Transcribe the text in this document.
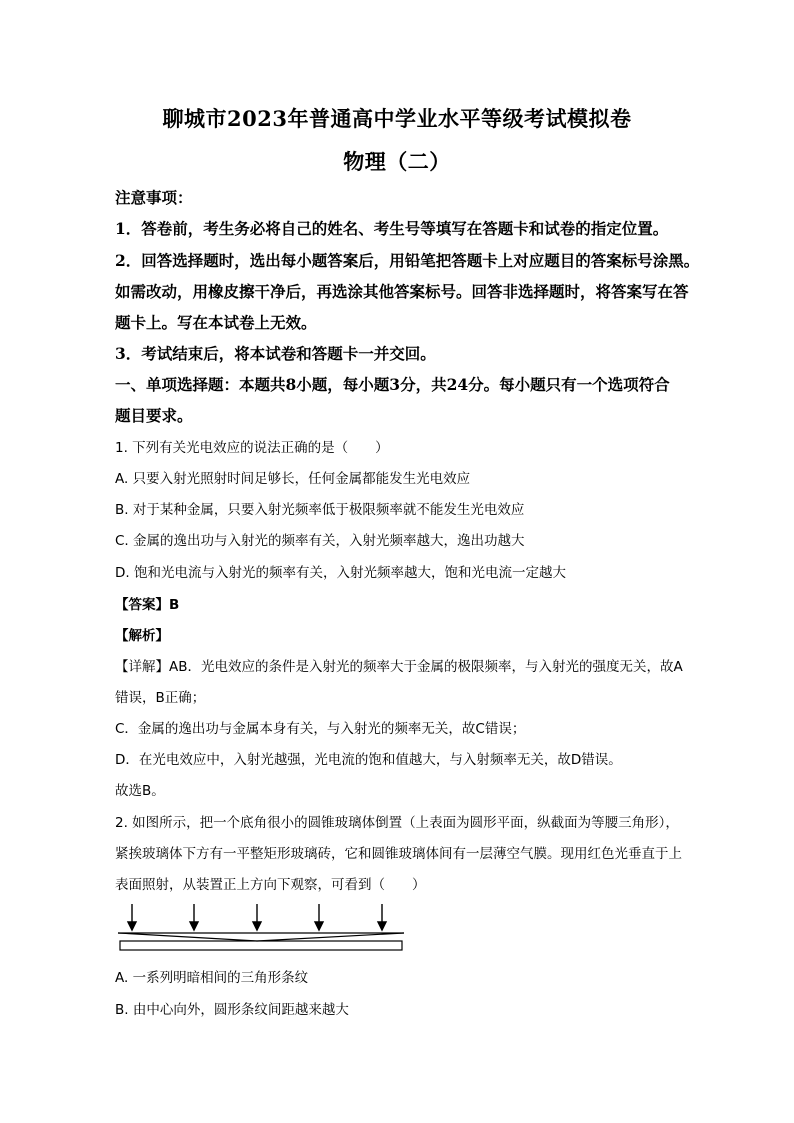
聊城市2023年普通高中学业水平等级考试模拟卷
物理（二）
注意事项：
1．答卷前，考生务必将自己的姓名、考生号等填写在答题卡和试卷的指定位置。
2．回答选择题时，选出每小题答案后，用铅笔把答题卡上对应题目的答案标号涂黑。
如需改动，用橡皮擦干净后，再选涂其他答案标号。回答非选择题时，将答案写在答
题卡上。写在本试卷上无效。
3．考试结束后，将本试卷和答题卡一并交回。
一、单项选择题：本题共8小题，每小题3分，共24分。每小题只有一个选项符合
题目要求。
1. 下列有关光电效应的说法正确的是（　　）
A. 只要入射光照射时间足够长，任何金属都能发生光电效应
B. 对于某种金属，只要入射光频率低于极限频率就不能发生光电效应
C. 金属的逸出功与入射光的频率有关，入射光频率越大，逸出功越大
D. 饱和光电流与入射光的频率有关，入射光频率越大，饱和光电流一定越大
【答案】B
【解析】
【详解】AB．光电效应的条件是入射光的频率大于金属的极限频率，与入射光的强度无关，故A
错误，B正确；
C．金属的逸出功与金属本身有关，与入射光的频率无关，故C错误；
D．在光电效应中，入射光越强，光电流的饱和值越大，与入射频率无关，故D错误。
故选B。
2. 如图所示，把一个底角很小的圆锥玻璃体倒置（上表面为圆形平面，纵截面为等腰三角形），
紧挨玻璃体下方有一平整矩形玻璃砖，它和圆锥玻璃体间有一层薄空气膜。现用红色光垂直于上
表面照射，从装置正上方向下观察，可看到（　　）
A. 一系列明暗相间的三角形条纹
B. 由中心向外，圆形条纹间距越来越大
